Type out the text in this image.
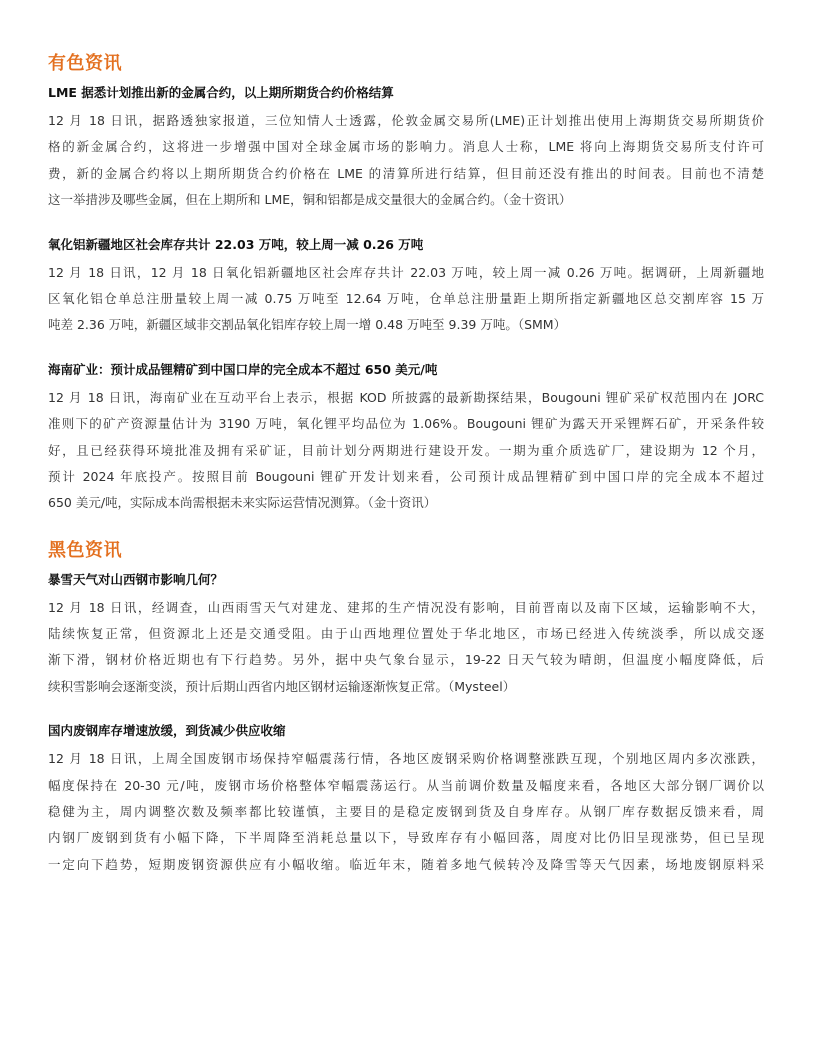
有色资讯
LME 据悉计划推出新的金属合约，以上期所期货合约价格结算
12 月 18 日讯，据路透独家报道，三位知情人士透露，伦敦金属交易所(LME)正计划推出使用上海期货交易所期货价
格的新金属合约，这将进一步增强中国对全球金属市场的影响力。消息人士称，LME 将向上海期货交易所支付许可
费，新的金属合约将以上期所期货合约价格在 LME 的清算所进行结算，但目前还没有推出的时间表。目前也不清楚
这一举措涉及哪些金属，但在上期所和 LME，铜和铝都是成交量很大的金属合约。（金十资讯）
氧化铝新疆地区社会库存共计 22.03 万吨，较上周一减 0.26 万吨
12 月 18 日讯，12 月 18 日氧化铝新疆地区社会库存共计 22.03 万吨，较上周一减 0.26 万吨。据调研，上周新疆地
区氧化铝仓单总注册量较上周一减 0.75 万吨至 12.64 万吨，仓单总注册量距上期所指定新疆地区总交割库容 15 万
吨差 2.36 万吨，新疆区域非交割品氧化铝库存较上周一增 0.48 万吨至 9.39 万吨。（SMM）
海南矿业：预计成品锂精矿到中国口岸的完全成本不超过 650 美元/吨
12 月 18 日讯，海南矿业在互动平台上表示，根据 KOD 所披露的最新勘探结果，Bougouni 锂矿采矿权范围内在 JORC
准则下的矿产资源量估计为 3190 万吨，氧化锂平均品位为 1.06%。Bougouni 锂矿为露天开采锂辉石矿，开采条件较
好，且已经获得环境批准及拥有采矿证，目前计划分两期进行建设开发。一期为重介质选矿厂，建设期为 12 个月，
预计 2024 年底投产。按照目前 Bougouni 锂矿开发计划来看，公司预计成品锂精矿到中国口岸的完全成本不超过
650 美元/吨，实际成本尚需根据未来实际运营情况测算。（金十资讯）
黑色资讯
暴雪天气对山西钢市影响几何？
12 月 18 日讯，经调查，山西雨雪天气对建龙、建邦的生产情况没有影响，目前晋南以及南下区域，运输影响不大，
陆续恢复正常，但资源北上还是交通受阻。由于山西地理位置处于华北地区，市场已经进入传统淡季，所以成交逐
渐下滑，钢材价格近期也有下行趋势。另外，据中央气象台显示，19-22 日天气较为晴朗，但温度小幅度降低，后
续积雪影响会逐渐变淡，预计后期山西省内地区钢材运输逐渐恢复正常。（Mysteel）
国内废钢库存增速放缓，到货减少供应收缩
12 月 18 日讯，上周全国废钢市场保持窄幅震荡行情，各地区废钢采购价格调整涨跌互现，个别地区周内多次涨跌，
幅度保持在 20-30 元/吨，废钢市场价格整体窄幅震荡运行。从当前调价数量及幅度来看，各地区大部分钢厂调价以
稳健为主，周内调整次数及频率都比较谨慎，主要目的是稳定废钢到货及自身库存。从钢厂库存数据反馈来看，周
内钢厂废钢到货有小幅下降，下半周降至消耗总量以下，导致库存有小幅回落，周度对比仍旧呈现涨势，但已呈现
一定向下趋势，短期废钢资源供应有小幅收缩。临近年末，随着多地气候转冷及降雪等天气因素，场地废钢原料采
